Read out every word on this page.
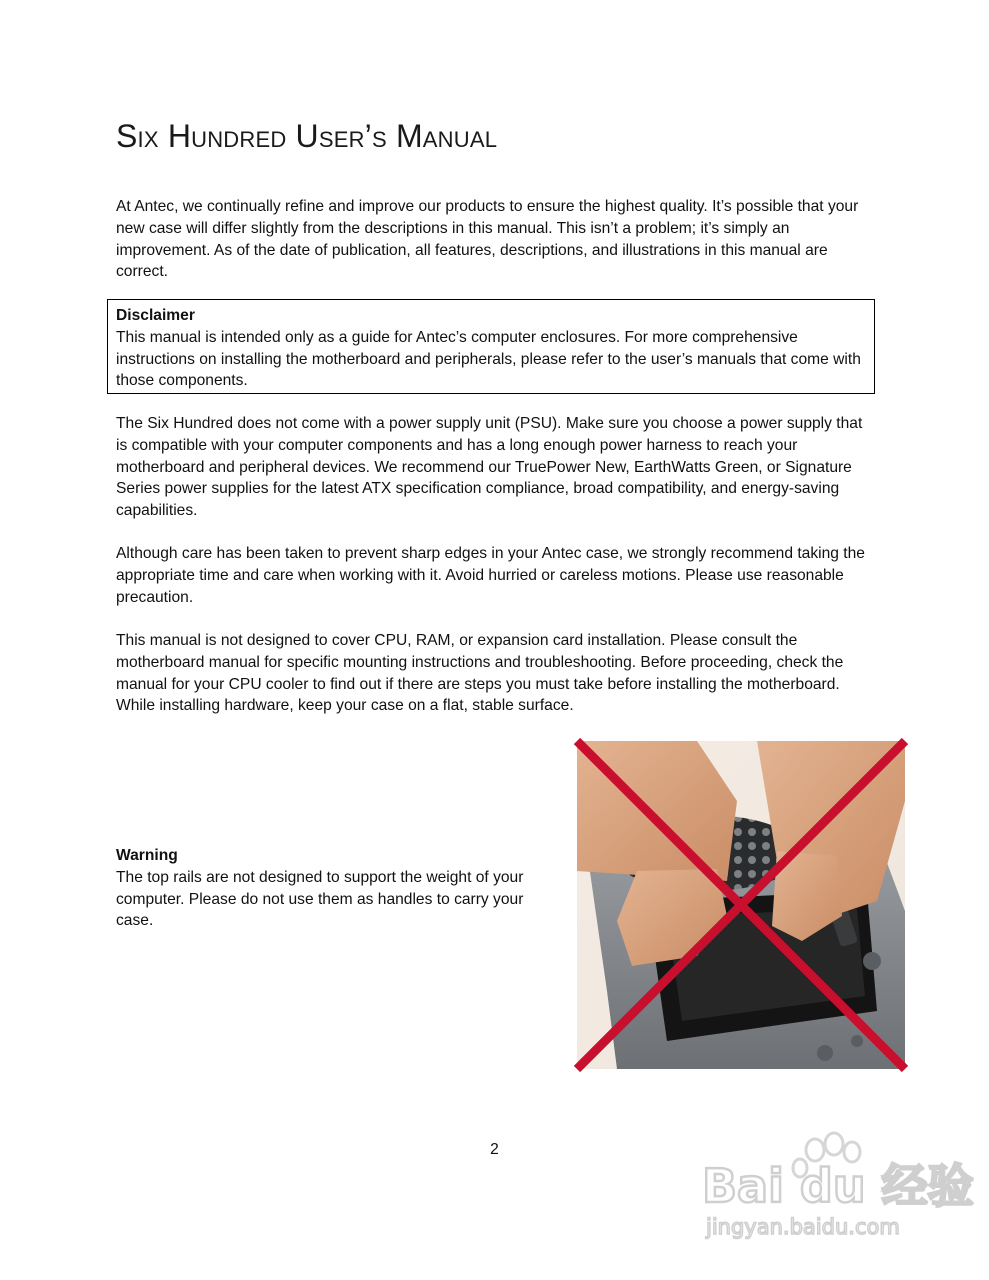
Six Hundred User’s Manual

At Antec, we continually refine and improve our products to ensure the highest quality. It’s possible that your new case will differ slightly from the descriptions in this manual. This isn’t a problem; it’s simply an improvement. As of the date of publication, all features, descriptions, and illustrations in this manual are correct.

Disclaimer
This manual is intended only as a guide for Antec’s computer enclosures. For more comprehensive instructions on installing the motherboard and peripherals, please refer to the user’s manuals that come with those components.

The Six Hundred does not come with a power supply unit (PSU). Make sure you choose a power supply that is compatible with your computer components and has a long enough power harness to reach your motherboard and peripheral devices. We recommend our TruePower New, EarthWatts Green, or Signature Series power supplies for the latest ATX specification compliance, broad compatibility, and energy-saving capabilities.

Although care has been taken to prevent sharp edges in your Antec case, we strongly recommend taking the appropriate time and care when working with it. Avoid hurried or careless motions. Please use reasonable precaution.

This manual is not designed to cover CPU, RAM, or expansion card installation. Please consult the motherboard manual for specific mounting instructions and troubleshooting. Before proceeding, check the manual for your CPU cooler to find out if there are steps you must take before installing the motherboard. While installing hardware, keep your case on a flat, stable surface.

Warning
The top rails are not designed to support the weight of your computer. Please do not use them as handles to carry your case.
2
Bai du 经验
jingyan.baidu.com
